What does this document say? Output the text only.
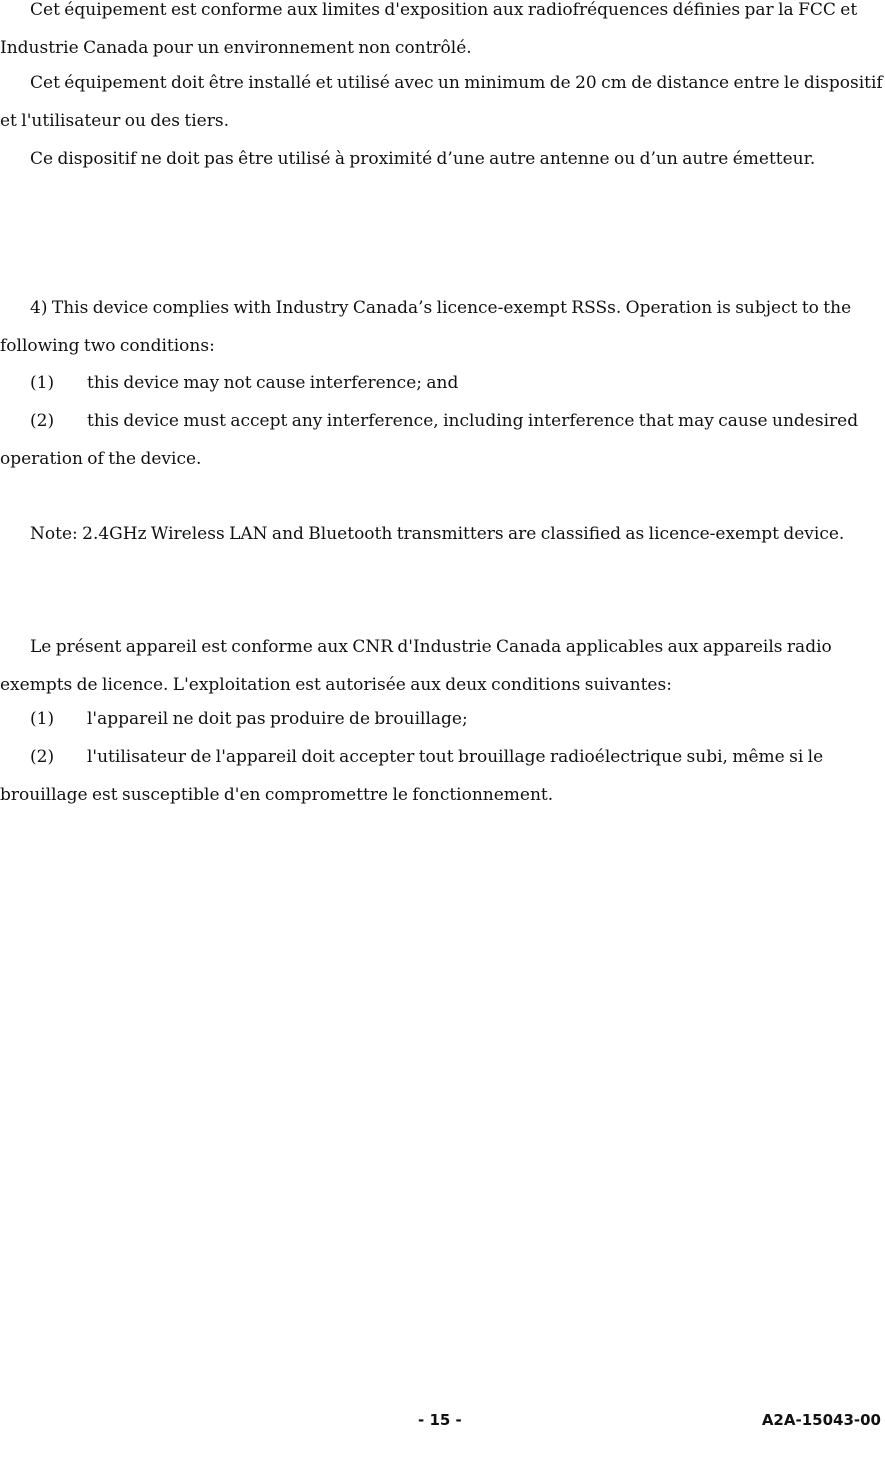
Cet équipement est conforme aux limites d'exposition aux radiofréquences définies par la FCC et Industrie Canada pour un environnement non contrôlé.

Cet équipement doit être installé et utilisé avec un minimum de 20 cm de distance entre le dispositif et l'utilisateur ou des tiers.

Ce dispositif ne doit pas être utilisé à proximité d’une autre antenne ou d’un autre émetteur.

4) This device complies with Industry Canada’s licence-exempt RSSs. Operation is subject to the following two conditions:

(1) this device may not cause interference; and

(2) this device must accept any interference, including interference that may cause undesired operation of the device.

Note: 2.4GHz Wireless LAN and Bluetooth transmitters are classified as licence-exempt device.

Le présent appareil est conforme aux CNR d'Industrie Canada applicables aux appareils radio exempts de licence. L'exploitation est autorisée aux deux conditions suivantes:

(1) l'appareil ne doit pas produire de brouillage;

(2) l'utilisateur de l'appareil doit accepter tout brouillage radioélectrique subi, même si le brouillage est susceptible d'en compromettre le fonctionnement.

- 15 -	A2A-15043-00
